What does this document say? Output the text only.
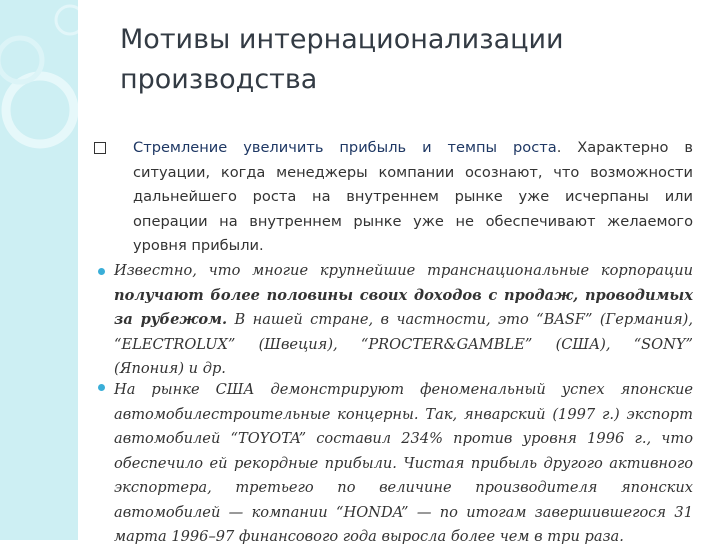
Мотивы интернационализации производства
Стремление увеличить прибыль и темпы роста. Характерно в ситуации, когда менеджеры компании осознают, что возможности дальнейшего роста на внутреннем рынке уже исчерпаны или операции на внутреннем рынке уже не обеспечивают желаемого уровня прибыли.
Известно, что многие крупнейшие транснациональные корпорации получают более половины своих доходов с продаж, проводимых за рубежом. В нашей стране, в частности, это “BASF” (Германия), “ELECTROLUX” (Швеция), “PROCTER&GAMBLE” (США), “SONY” (Япония) и др.
На рынке США демонстрируют феноменальный успех японские автомобилестроительные концерны. Так, январский (1997 г.) экспорт автомобилей “TOYOTA” составил 234% против уровня 1996 г., что обеспечило ей рекордные прибыли. Чистая прибыль другого активного экспортера, третьего по величине производителя японских автомобилей — компании “HONDA” — по итогам завершившегося 31 марта 1996–97 финансового года выросла более чем в три раза.
